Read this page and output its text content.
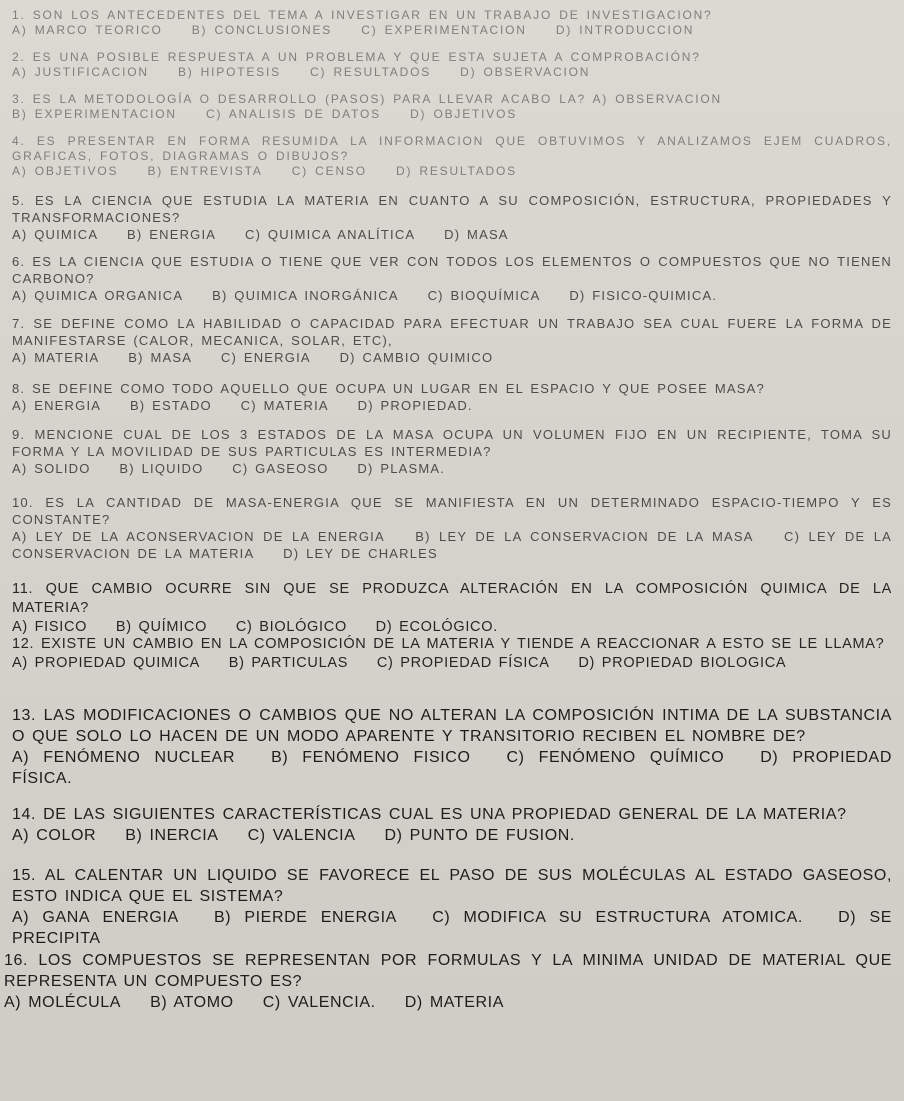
1. SON LOS ANTECEDENTES DEL TEMA A INVESTIGAR EN UN TRABAJO DE INVESTIGACION?
A) MARCO TEORICO B) CONCLUSIONES C) EXPERIMENTACION D) INTRODUCCION
2. ES UNA POSIBLE RESPUESTA A UN PROBLEMA Y QUE ESTA SUJETA A COMPROBACIÓN?
A) JUSTIFICACION B) HIPOTESIS C) RESULTADOS D) OBSERVACION
3. ES LA METODOLOGÍA O DESARROLLO (PASOS) PARA LLEVAR ACABO LA? A) OBSERVACION
B) EXPERIMENTACION C) ANALISIS DE DATOS D) OBJETIVOS
4. ES PRESENTAR EN FORMA RESUMIDA LA INFORMACION QUE OBTUVIMOS Y ANALIZAMOS EJEM CUADROS, GRAFICAS, FOTOS, DIAGRAMAS O DIBUJOS?
A) OBJETIVOS B) ENTREVISTA C) CENSO D) RESULTADOS
5. ES LA CIENCIA QUE ESTUDIA LA MATERIA EN CUANTO A SU COMPOSICIÓN, ESTRUCTURA, PROPIEDADES Y TRANSFORMACIONES?
A) QUIMICA B) ENERGIA C) QUIMICA ANALÍTICA D) MASA
6. ES LA CIENCIA QUE ESTUDIA O TIENE QUE VER CON TODOS LOS ELEMENTOS O COMPUESTOS QUE NO TIENEN CARBONO?
A) QUIMICA ORGANICA B) QUIMICA INORGÁNICA C) BIOQUÍMICA D) FISICO-QUIMICA.
7. SE DEFINE COMO LA HABILIDAD O CAPACIDAD PARA EFECTUAR UN TRABAJO SEA CUAL FUERE LA FORMA DE MANIFESTARSE (CALOR, MECANICA, SOLAR, ETC),
A) MATERIA B) MASA C) ENERGIA D) CAMBIO QUIMICO
8. SE DEFINE COMO TODO AQUELLO QUE OCUPA UN LUGAR EN EL ESPACIO Y QUE POSEE MASA?
A) ENERGIA B) ESTADO C) MATERIA D) PROPIEDAD.
9. MENCIONE CUAL DE LOS 3 ESTADOS DE LA MASA OCUPA UN VOLUMEN FIJO EN UN RECIPIENTE, TOMA SU FORMA Y LA MOVILIDAD DE SUS PARTICULAS ES INTERMEDIA?
A) SOLIDO B) LIQUIDO C) GASEOSO D) PLASMA.
10. ES LA CANTIDAD DE MASA-ENERGIA QUE SE MANIFIESTA EN UN DETERMINADO ESPACIO-TIEMPO Y ES CONSTANTE?
A) LEY DE LA ACONSERVACION DE LA ENERGIA B) LEY DE LA CONSERVACION DE LA MASA C) LEY DE LA CONSERVACION DE LA MATERIA D) LEY DE CHARLES
11. QUE CAMBIO OCURRE SIN QUE SE PRODUZCA ALTERACIÓN EN LA COMPOSICIÓN QUIMICA DE LA MATERIA?
A) FISICO B) QUÍMICO C) BIOLÓGICO D) ECOLÓGICO.
12. EXISTE UN CAMBIO EN LA COMPOSICIÓN DE LA MATERIA Y TIENDE A REACCIONAR A ESTO SE LE LLAMA?
A) PROPIEDAD QUIMICA B) PARTICULAS C) PROPIEDAD FÍSICA D) PROPIEDAD BIOLOGICA
13. LAS MODIFICACIONES O CAMBIOS QUE NO ALTERAN LA COMPOSICIÓN INTIMA DE LA SUBSTANCIA O QUE SOLO LO HACEN DE UN MODO APARENTE Y TRANSITORIO RECIBEN EL NOMBRE DE?
A) FENÓMENO NUCLEAR B) FENÓMENO FISICO C) FENÓMENO QUÍMICO D) PROPIEDAD FÍSICA.
14. DE LAS SIGUIENTES CARACTERÍSTICAS CUAL ES UNA PROPIEDAD GENERAL DE LA MATERIA?
A) COLOR B) INERCIA C) VALENCIA D) PUNTO DE FUSION.
15. AL CALENTAR UN LIQUIDO SE FAVORECE EL PASO DE SUS MOLÉCULAS AL ESTADO GASEOSO, ESTO INDICA QUE EL SISTEMA?
A) GANA ENERGIA B) PIERDE ENERGIA C) MODIFICA SU ESTRUCTURA ATOMICA. D) SE PRECIPITA
16. LOS COMPUESTOS SE REPRESENTAN POR FORMULAS Y LA MINIMA UNIDAD DE MATERIAL QUE REPRESENTA UN COMPUESTO ES?
A) MOLÉCULA B) ATOMO C) VALENCIA. D) MATERIA
